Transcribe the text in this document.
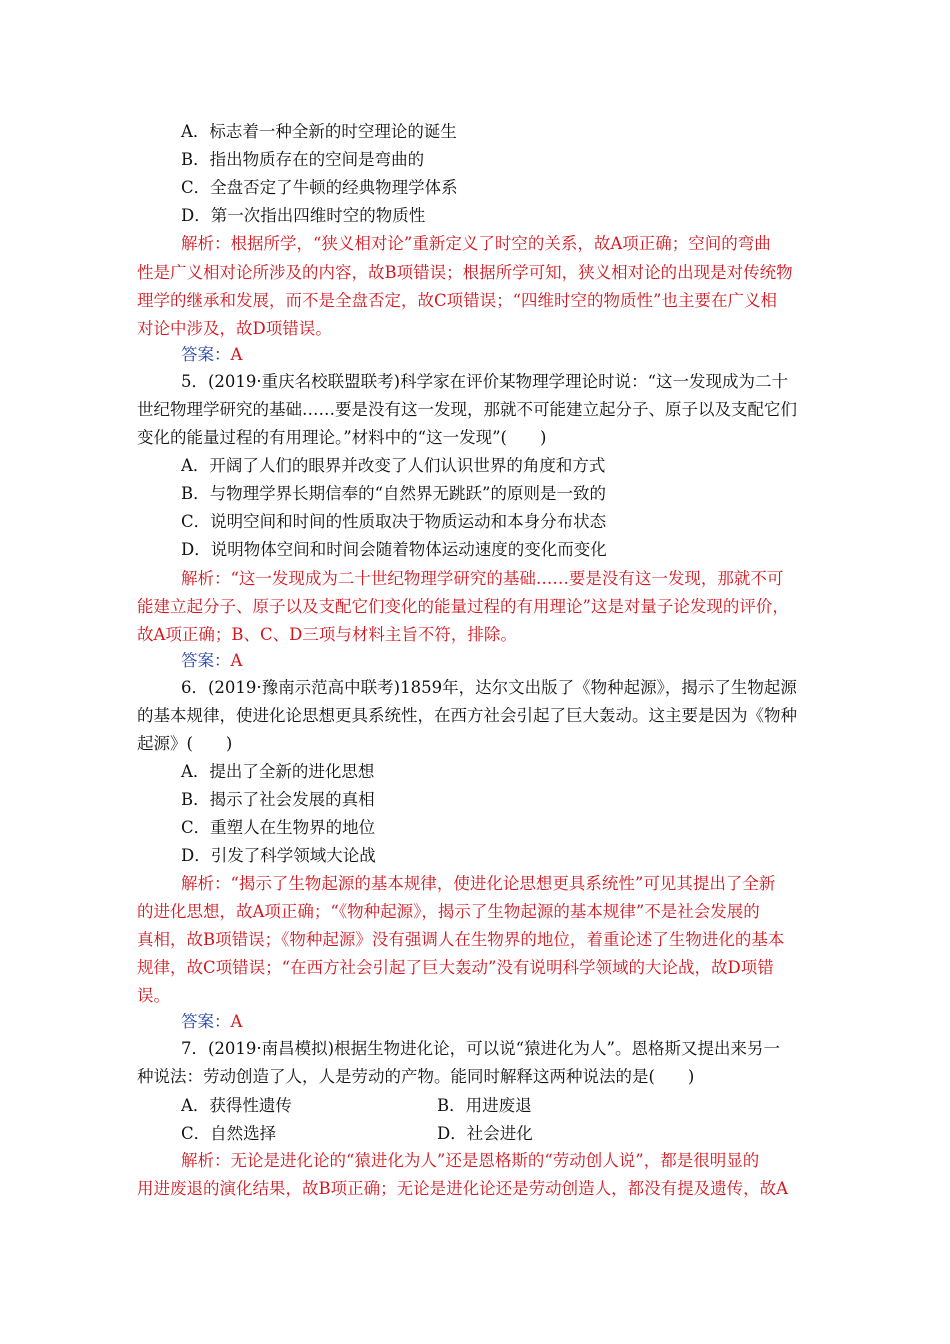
A．标志着一种全新的时空理论的诞生
B．指出物质存在的空间是弯曲的
C．全盘否定了牛顿的经典物理学体系
D．第一次指出四维时空的物质性
解析：根据所学，“狭义相对论”重新定义了时空的关系，故A项正确；空间的弯曲
性是广义相对论所涉及的内容，故B项错误；根据所学可知，狭义相对论的出现是对传统物
理学的继承和发展，而不是全盘否定，故C项错误；“四维时空的物质性”也主要在广义相
对论中涉及，故D项错误。
答案：A
5．(2019·重庆名校联盟联考)科学家在评价某物理学理论时说：“这一发现成为二十
世纪物理学研究的基础……要是没有这一发现，那就不可能建立起分子、原子以及支配它们
变化的能量过程的有用理论。”材料中的“这一发现”(　　)
A．开阔了人们的眼界并改变了人们认识世界的角度和方式
B．与物理学界长期信奉的“自然界无跳跃”的原则是一致的
C．说明空间和时间的性质取决于物质运动和本身分布状态
D．说明物体空间和时间会随着物体运动速度的变化而变化
解析：“这一发现成为二十世纪物理学研究的基础……要是没有这一发现，那就不可
能建立起分子、原子以及支配它们变化的能量过程的有用理论”这是对量子论发现的评价，
故A项正确；B、C、D三项与材料主旨不符，排除。
答案：A
6．(2019·豫南示范高中联考)1859年，达尔文出版了《物种起源》，揭示了生物起源
的基本规律，使进化论思想更具系统性，在西方社会引起了巨大轰动。这主要是因为《物种
起源》(　　)
A．提出了全新的进化思想
B．揭示了社会发展的真相
C．重塑人在生物界的地位
D．引发了科学领域大论战
解析：“揭示了生物起源的基本规律，使进化论思想更具系统性”可见其提出了全新
的进化思想，故A项正确；“《物种起源》，揭示了生物起源的基本规律”不是社会发展的
真相，故B项错误；《物种起源》没有强调人在生物界的地位，着重论述了生物进化的基本
规律，故C项错误；“在西方社会引起了巨大轰动”没有说明科学领域的大论战，故D项错
误。
答案：A
7．(2019·南昌模拟)根据生物进化论，可以说“猿进化为人”。恩格斯又提出来另一
种说法：劳动创造了人，人是劳动的产物。能同时解释这两种说法的是(　　)
A．获得性遗传	B．用进废退
C．自然选择	D．社会进化
解析：无论是进化论的“猿进化为人”还是恩格斯的“劳动创人说”，都是很明显的
用进废退的演化结果，故B项正确；无论是进化论还是劳动创造人，都没有提及遗传，故A
